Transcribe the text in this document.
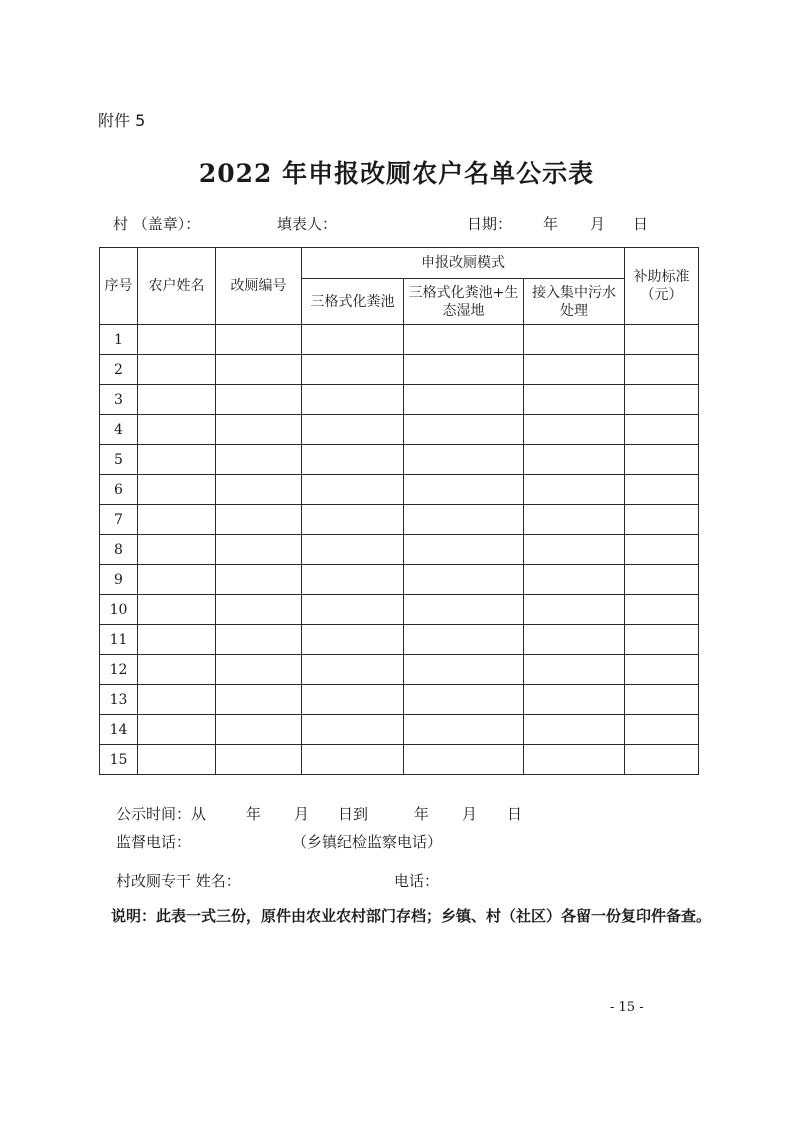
附件 5
2022 年申报改厕农户名单公示表
村 （盖章）：	填表人：	日期： 年 月 日
序号	农户姓名	改厕编号	申报改厕模式			补助标准（元）

			三格式化粪池	三格式化粪池+生态湿地	接入集中污水处理	

1						
2						
3						
4						
5						
6						
7						
8						
9						
10						
11						
12						
13						
14						
15						
公示时间：从	年 月 日到	年 月 日
监督电话：	（乡镇纪检监察电话）
村改厕专干 姓名：	电话：
说明：此表一式三份，原件由农业农村部门存档；乡镇、村（社区）各留一份复印件备查。
- 15 -
